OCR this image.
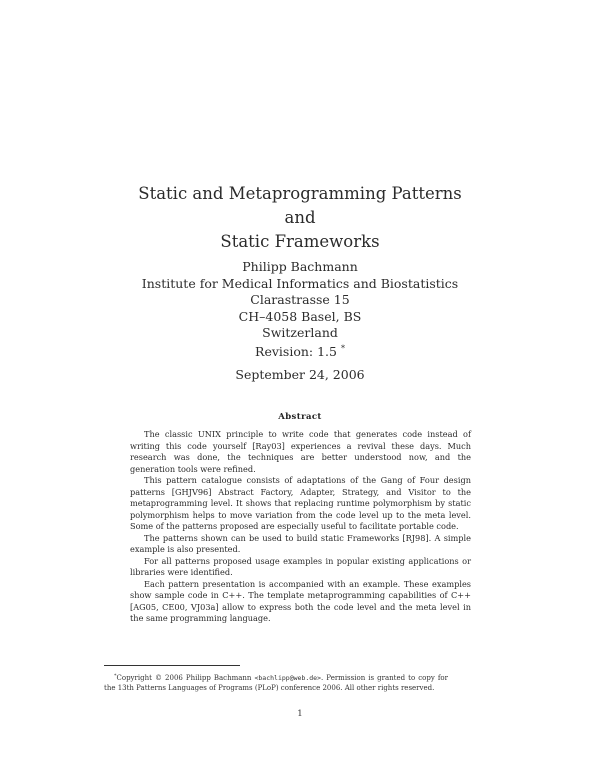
Static and Metaprogramming Patterns
and
Static Frameworks
Philipp Bachmann
Institute for Medical Informatics and Biostatistics
Clarastrasse 15
CH–4058 Basel, BS
Switzerland
Revision: 1.5 *
September 24, 2006
Abstract

The classic UNIX principle to write code that generates code instead of writing this code yourself [Ray03] experiences a revival these days. Much research was done, the techniques are better understood now, and the generation tools were refined.

This pattern catalogue consists of adaptations of the Gang of Four design patterns [GHJV96] Abstract Factory, Adapter, Strategy, and Visitor to the metaprogramming level. It shows that replacing runtime polymorphism by static polymorphism helps to move variation from the code level up to the meta level. Some of the patterns proposed are especially useful to facilitate portable code.

The patterns shown can be used to build static Frameworks [RJ98]. A simple example is also presented.

For all patterns proposed usage examples in popular existing applications or libraries were identified.

Each pattern presentation is accompanied with an example. These examples show sample code in C++. The template metaprogramming capabilities of C++ [AG05, CE00, VJ03a] allow to express both the code level and the meta level in the same programming language.

*Copyright © 2006 Philipp Bachmann <bachlipp@web.de>. Permission is granted to copy for the 13th Patterns Languages of Programs (PLoP) conference 2006. All other rights reserved.
1
